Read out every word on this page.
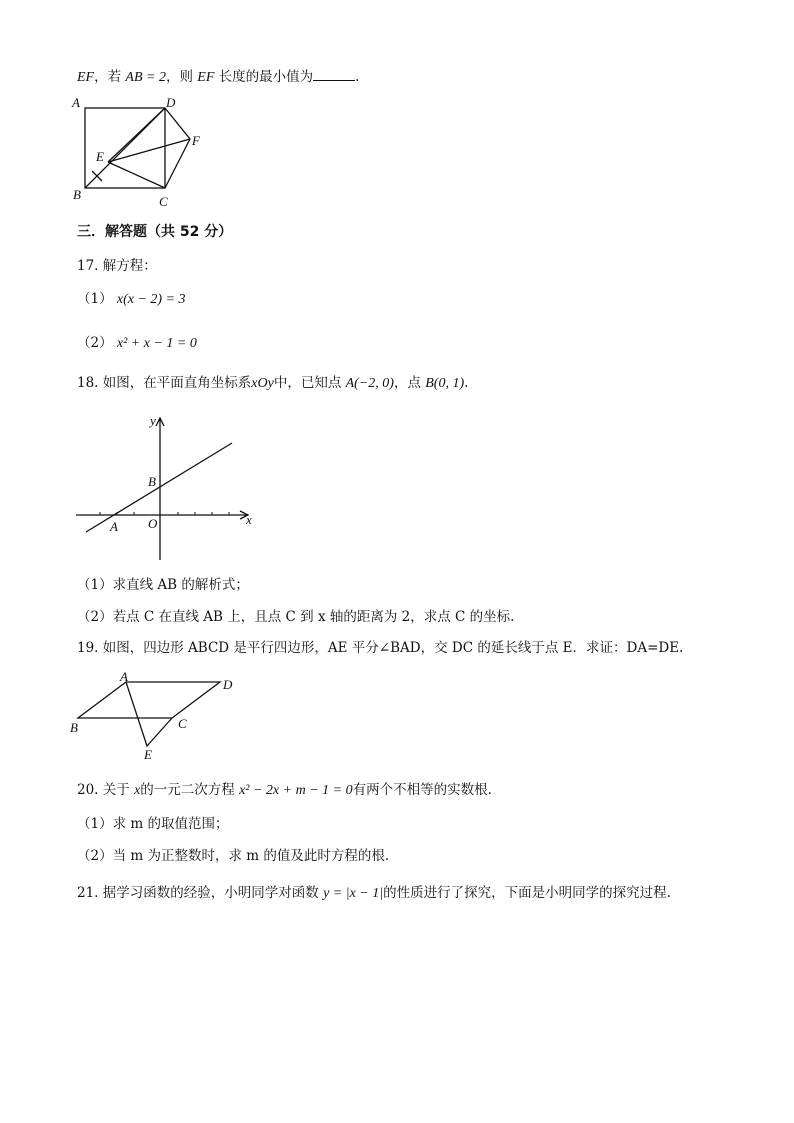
EF，若 AB = 2，则 EF 长度的最小值为	.
A	D
F
E
B	C
三．解答题（共 52 分）
17. 解方程：
（1） x(x − 2) = 3
（2） x² + x − 1 = 0
18. 如图，在平面直角坐标系xOy中，已知点 A(−2, 0)，点 B(0, 1).
y
x
B
A O
（1）求直线 AB 的解析式；
（2）若点 C 在直线 AB 上，且点 C 到 x 轴的距离为 2，求点 C 的坐标.
19. 如图，四边形 ABCD 是平行四边形，AE 平分∠BAD，交 DC 的延长线于点 E．求证：DA=DE.
A
D
B	C
E
20. 关于 x的一元二次方程 x² − 2x + m − 1 = 0有两个不相等的实数根.
（1）求 m 的取值范围；
（2）当 m 为正整数时，求 m 的值及此时方程的根.
21. 据学习函数的经验，小明同学对函数 y = |x − 1|的性质进行了探究，下面是小明同学的探究过程.
